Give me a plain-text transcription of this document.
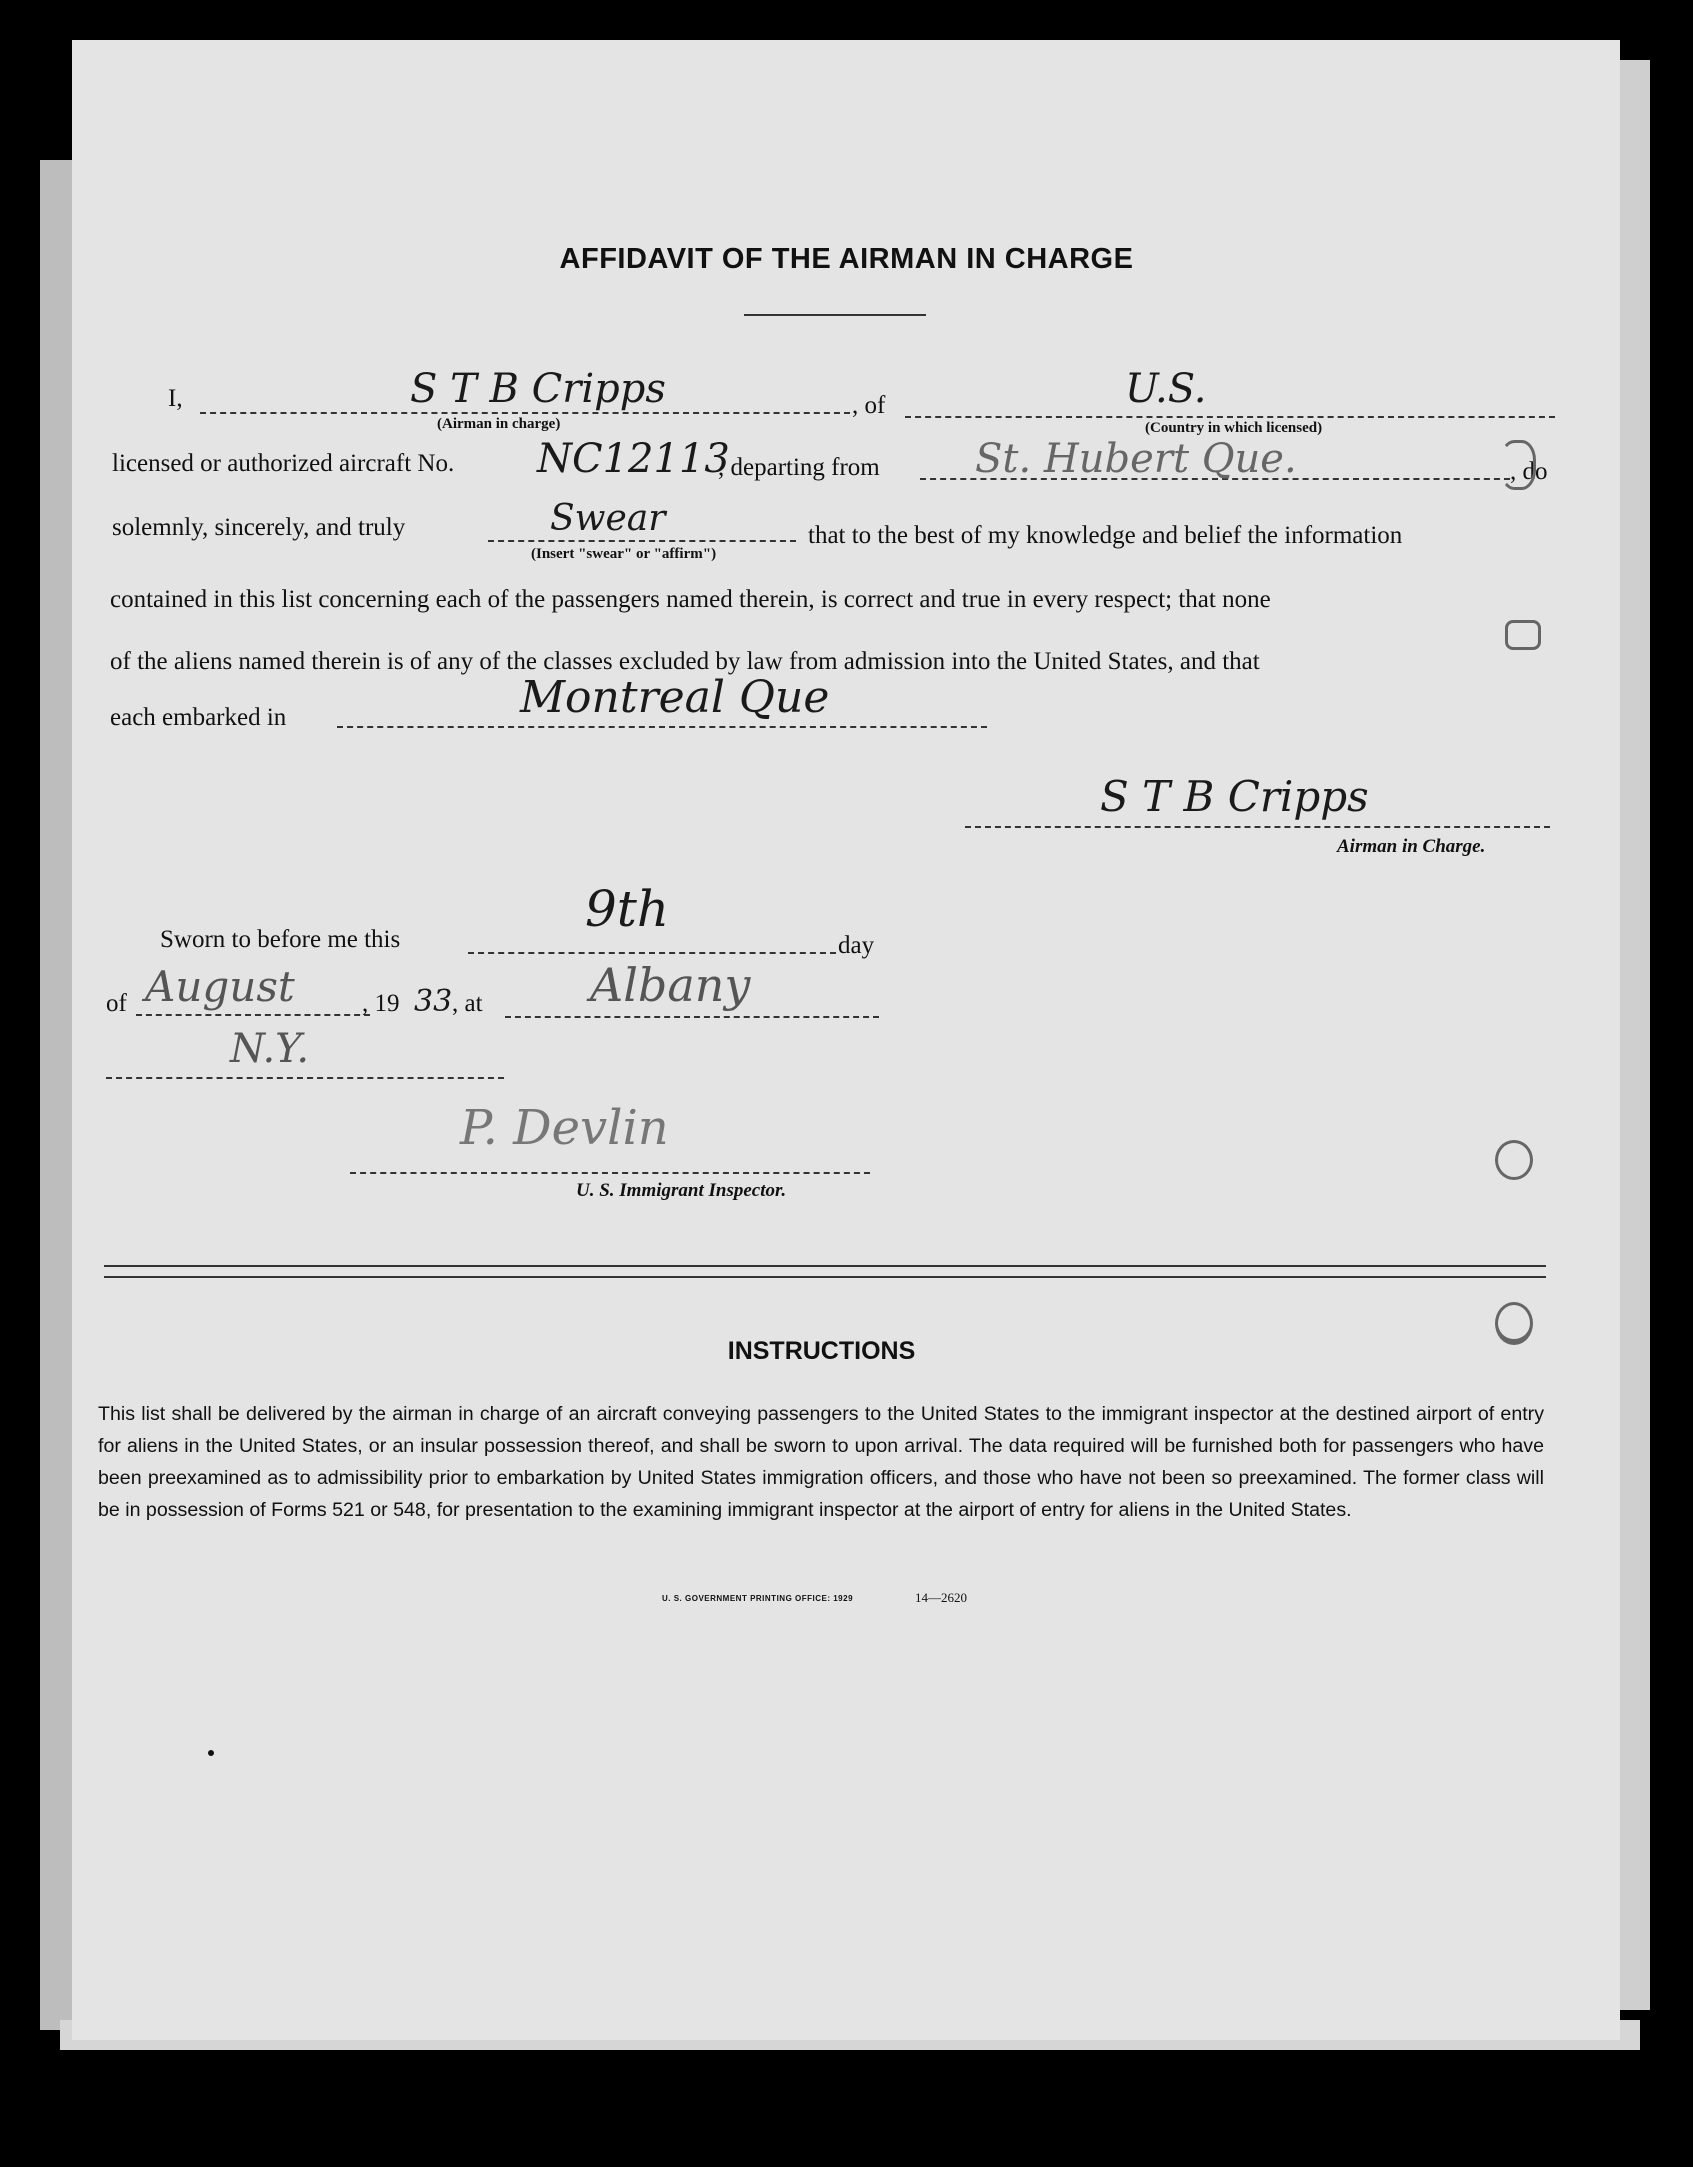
AFFIDAVIT OF THE AIRMAN IN CHARGE
I,	S T B Cripps
(Airman in charge)
, of	U.S.
(Country in which licensed)
licensed or authorized aircraft No. NC12113
, departing from St. Hubert Que.	, do
solemnly, sincerely, and truly	Swear
(Insert "swear" or "affirm")
that to the best of my knowledge and belief the information
contained in this list concerning each of the passengers named therein, is correct and true in every respect; that none
of the aliens named therein is of any of the classes excluded by law from admission into the United States, and that
each embarked in	Montreal Que
S T B Cripps
Airman in Charge.
Sworn to before me this
9th
day
of August	, 19 33 , at Albany
N.Y.
P. Devlin
U. S. Immigrant Inspector.
INSTRUCTIONS
This list shall be delivered by the airman in charge of an aircraft conveying passengers to the United States to the immigrant inspector at the destined airport of entry for aliens in the United States, or an insular possession thereof, and shall be sworn to upon arrival. The data required will be furnished both for passengers who have been preexamined as to admissibility prior to embarkation by United States immigration officers, and those who have not been so preexamined. The former class will be in possession of Forms 521 or 548, for presentation to the examining immigrant inspector at the airport of entry for aliens in the United States.
U. S. GOVERNMENT PRINTING OFFICE: 1929	14—2620
